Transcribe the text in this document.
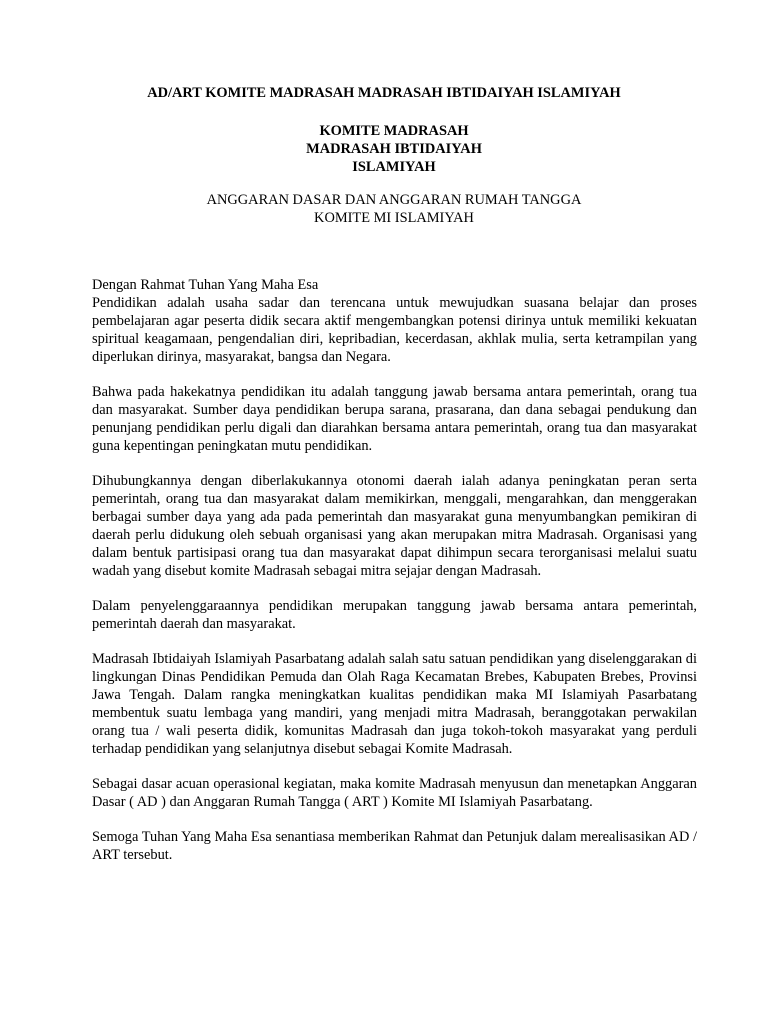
AD/ART KOMITE MADRASAH MADRASAH IBTIDAIYAH ISLAMIYAH
KOMITE MADRASAH
MADRASAH IBTIDAIYAH
ISLAMIYAH
ANGGARAN DASAR DAN ANGGARAN RUMAH TANGGA
KOMITE MI ISLAMIYAH

Dengan Rahmat Tuhan Yang Maha Esa

Pendidikan adalah usaha sadar dan terencana untuk mewujudkan suasana belajar dan proses pembelajaran agar peserta didik secara aktif mengembangkan potensi dirinya untuk memiliki kekuatan spiritual keagamaan, pengendalian diri, kepribadian, kecerdasan, akhlak mulia, serta ketrampilan yang diperlukan dirinya, masyarakat, bangsa dan Negara.

Bahwa pada hakekatnya pendidikan itu adalah tanggung jawab bersama antara pemerintah, orang tua dan masyarakat. Sumber daya pendidikan berupa sarana, prasarana, dan dana sebagai pendukung dan penunjang pendidikan perlu digali dan diarahkan bersama antara pemerintah, orang tua dan masyarakat guna kepentingan peningkatan mutu pendidikan.

Dihubungkannya dengan diberlakukannya otonomi daerah ialah adanya peningkatan peran serta pemerintah, orang tua dan masyarakat dalam memikirkan, menggali, mengarahkan, dan menggerakan berbagai sumber daya yang ada pada pemerintah dan masyarakat guna menyumbangkan pemikiran di daerah perlu didukung oleh sebuah organisasi yang akan merupakan mitra Madrasah. Organisasi yang dalam bentuk partisipasi orang tua dan masyarakat dapat dihimpun secara terorganisasi melalui suatu wadah yang disebut komite Madrasah sebagai mitra sejajar dengan Madrasah.

Dalam penyelenggaraannya pendidikan merupakan tanggung jawab bersama antara pemerintah, pemerintah daerah dan masyarakat.

Madrasah Ibtidaiyah Islamiyah Pasarbatang adalah salah satu satuan pendidikan yang diselenggarakan di lingkungan Dinas Pendidikan Pemuda dan Olah Raga Kecamatan Brebes, Kabupaten Brebes, Provinsi Jawa Tengah. Dalam rangka meningkatkan kualitas pendidikan maka MI Islamiyah Pasarbatang membentuk suatu lembaga yang mandiri, yang menjadi mitra Madrasah, beranggotakan perwakilan orang tua / wali peserta didik, komunitas Madrasah dan juga tokoh-tokoh masyarakat yang perduli terhadap pendidikan yang selanjutnya disebut sebagai Komite Madrasah.

Sebagai dasar acuan operasional kegiatan, maka komite Madrasah menyusun dan menetapkan Anggaran Dasar ( AD ) dan Anggaran Rumah Tangga ( ART ) Komite MI Islamiyah Pasarbatang.

Semoga Tuhan Yang Maha Esa senantiasa memberikan Rahmat dan Petunjuk dalam merealisasikan AD / ART tersebut.
